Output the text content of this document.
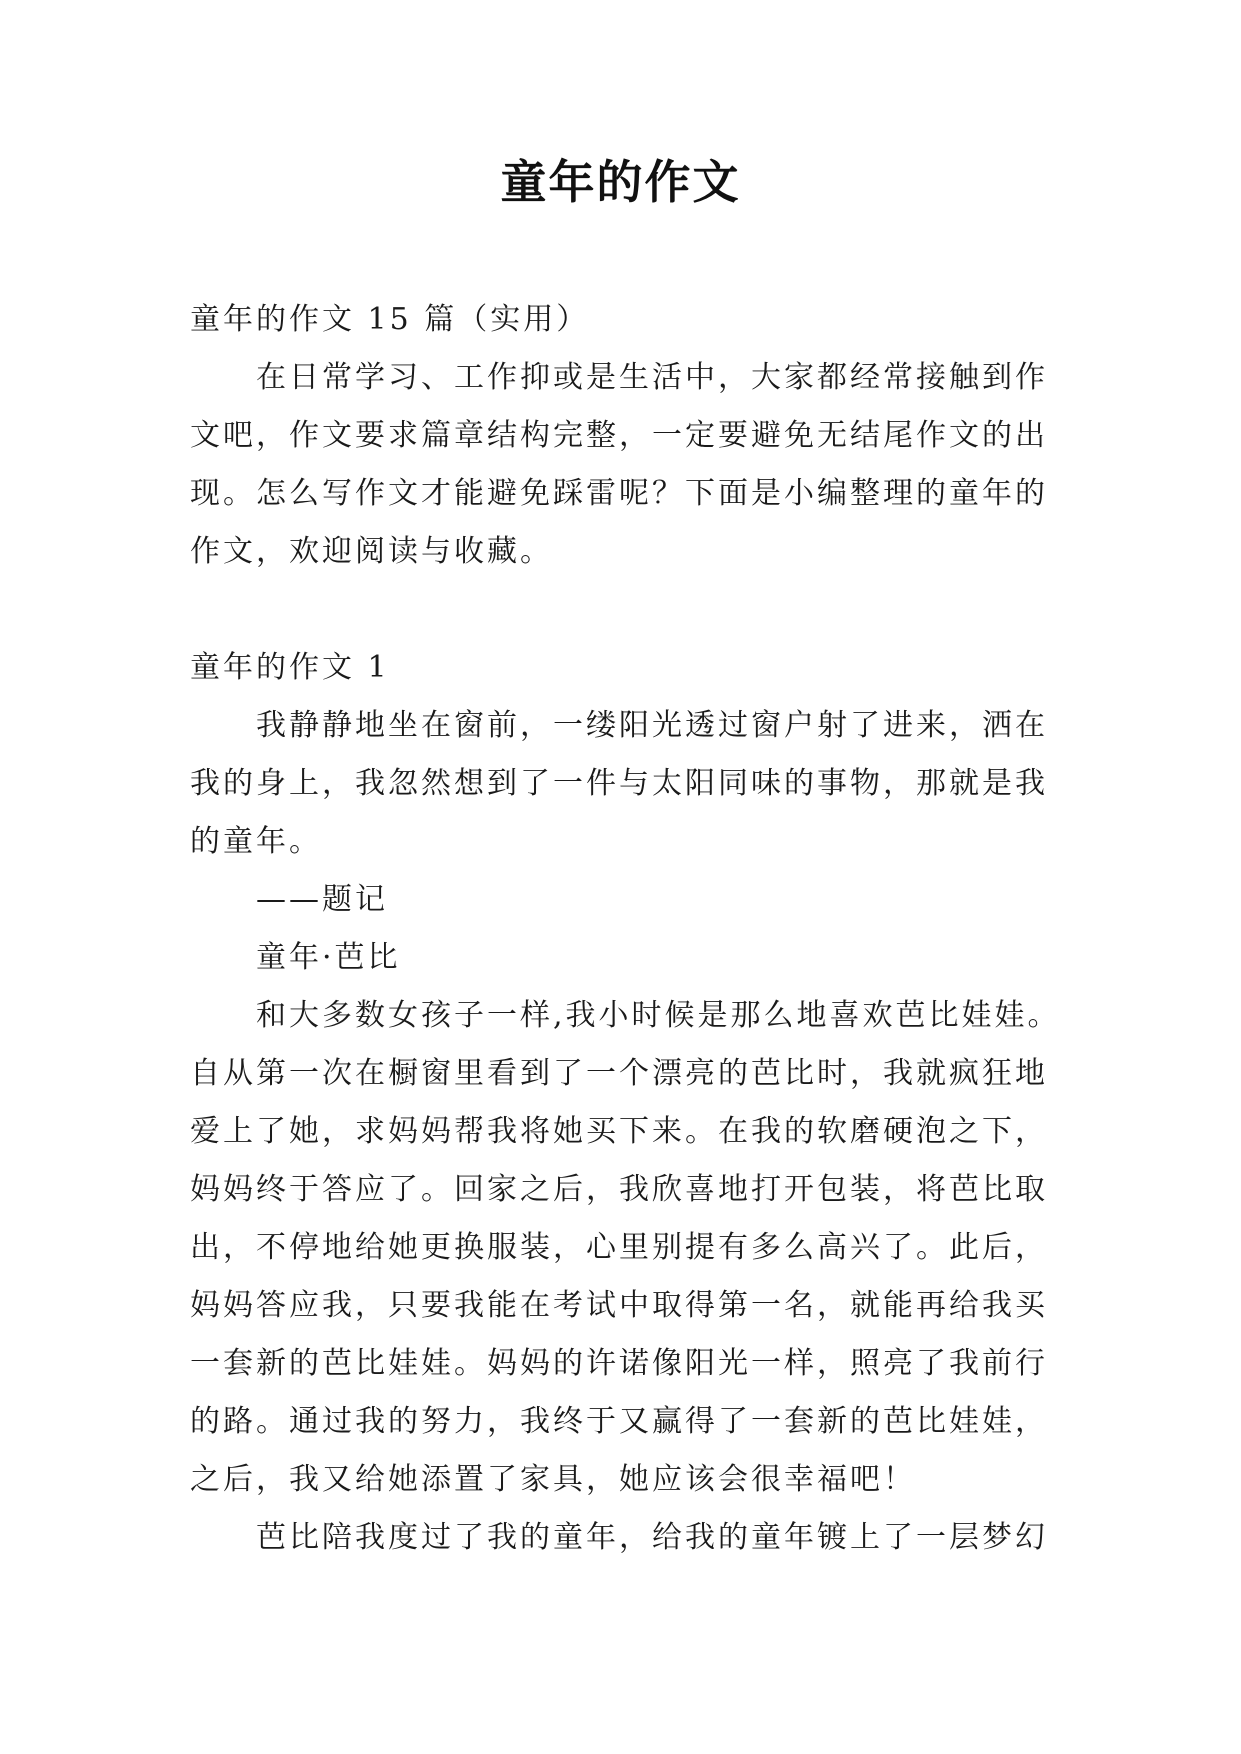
童年的作文

童年的作文 15 篇（实用）

在日常学习、工作抑或是生活中，大家都经常接触到作

文吧，作文要求篇章结构完整，一定要避免无结尾作文的出

现。怎么写作文才能避免踩雷呢？下面是小编整理的童年的

作文，欢迎阅读与收藏。

童年的作文 1

我静静地坐在窗前，一缕阳光透过窗户射了进来，洒在

我的身上，我忽然想到了一件与太阳同味的事物，那就是我

的童年。

——题记

童年·芭比

和大多数女孩子一样,我小时候是那么地喜欢芭比娃娃。

自从第一次在橱窗里看到了一个漂亮的芭比时，我就疯狂地

爱上了她，求妈妈帮我将她买下来。在我的软磨硬泡之下，

妈妈终于答应了。回家之后，我欣喜地打开包装，将芭比取

出，不停地给她更换服装，心里别提有多么高兴了。此后，

妈妈答应我，只要我能在考试中取得第一名，就能再给我买

一套新的芭比娃娃。妈妈的许诺像阳光一样，照亮了我前行

的路。通过我的努力，我终于又赢得了一套新的芭比娃娃，

之后，我又给她添置了家具，她应该会很幸福吧！

芭比陪我度过了我的童年，给我的童年镀上了一层梦幻
